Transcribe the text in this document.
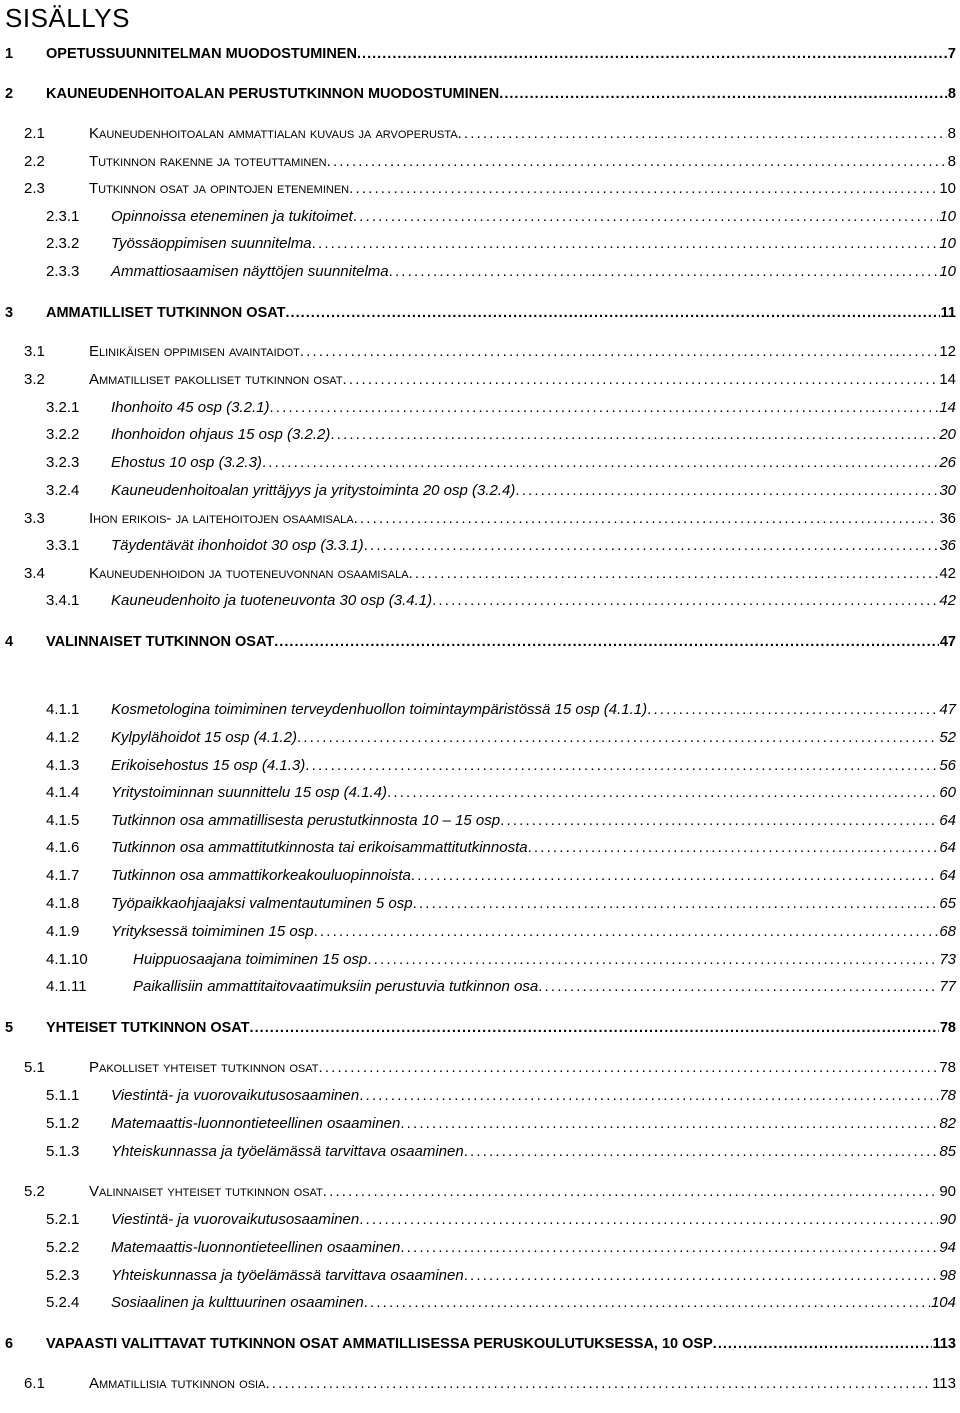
SISÄLLYS
1 OPETUSSUUNNITELMAN MUODOSTUMINEN . . .	7
2 KAUNEUDENHOITOALAN PERUSTUTKINNON MUODOSTUMINEN . . .	8
2.1	Kauneudenhoitoalan ammattialan kuvaus ja arvoperusta . . .	8
2.2	Tutkinnon rakenne ja toteuttaminen . . .	8
2.3	Tutkinnon osat ja opintojen eteneminen . . .	10
2.3.1 Opinnoissa eteneminen ja tukitoimet . . .	10
2.3.2 Työssäoppimisen suunnitelma . . .	10
2.3.3 Ammattiosaamisen näyttöjen suunnitelma . . .	10
3 AMMATILLISET TUTKINNON OSAT . . .	11
3.1	Elinikäisen oppimisen avaintaidot . . .	12
3.2	Ammatilliset pakolliset tutkinnon osat . . .	14
3.2.1 Ihonhoito 45 osp (3.2.1) . . .	14
3.2.2 Ihonhoidon ohjaus 15 osp (3.2.2) . . .	20
3.2.3 Ehostus 10 osp (3.2.3) . . .	26
3.2.4 Kauneudenhoitoalan yrittäjyys ja yritystoiminta 20 osp (3.2.4) . . .	30
3.3	Ihon erikois- ja laitehoitojen osaamisala . . .	36
3.3.1 Täydentävät ihonhoidot 30 osp (3.3.1) . . .	36
3.4	Kauneudenhoidon ja tuoteneuvonnan osaamisala . . .	42
3.4.1 Kauneudenhoito ja tuoteneuvonta 30 osp (3.4.1) . . .	42
4 VALINNAISET TUTKINNON OSAT . . .	47
4.1.1 Kosmetologina toimiminen terveydenhuollon toimintaympäristössä 15 osp (4.1.1) . . .	47
4.1.2 Kylpylähoidot 15 osp (4.1.2) . . .	52
4.1.3 Erikoisehostus 15 osp (4.1.3) . . .	56
4.1.4 Yritystoiminnan suunnittelu 15 osp (4.1.4) . . .	60
4.1.5 Tutkinnon osa ammatillisesta perustutkinnosta 10 – 15 osp . . .	64
4.1.6 Tutkinnon osa ammattitutkinnosta tai erikoisammattitutkinnosta . . .	64
4.1.7 Tutkinnon osa ammattikorkeakouluopinnoista . . .	64
4.1.8 Työpaikkaohjaajaksi valmentautuminen 5 osp . . .	65
4.1.9 Yrityksessä toimiminen 15 osp . . .	68
4.1.10	Huippuosaajana toimiminen 15 osp . . .	73
4.1.11	Paikallisiin ammattitaitovaatimuksiin perustuvia tutkinnon osa . . .	77
5 YHTEISET TUTKINNON OSAT . . .	78
5.1	Pakolliset yhteiset tutkinnon osat . . .	78
5.1.1 Viestintä- ja vuorovaikutusosaaminen . . .	78
5.1.2 Matemaattis-luonnontieteellinen osaaminen . . .	82
5.1.3 Yhteiskunnassa ja työelämässä tarvittava osaaminen . . .	85
5.2	Valinnaiset yhteiset tutkinnon osat . . .	90
5.2.1 Viestintä- ja vuorovaikutusosaaminen . . .	90
5.2.2 Matemaattis-luonnontieteellinen osaaminen . . .	94
5.2.3 Yhteiskunnassa ja työelämässä tarvittava osaaminen . . .	98
5.2.4 Sosiaalinen ja kulttuurinen osaaminen . . .	104
6 VAPAASTI VALITTAVAT TUTKINNON OSAT AMMATILLISESSA PERUSKOULUTUKSESSA, 10 OSP . . .	113
6.1	Ammatillisia tutkinnon osia . . .	113
